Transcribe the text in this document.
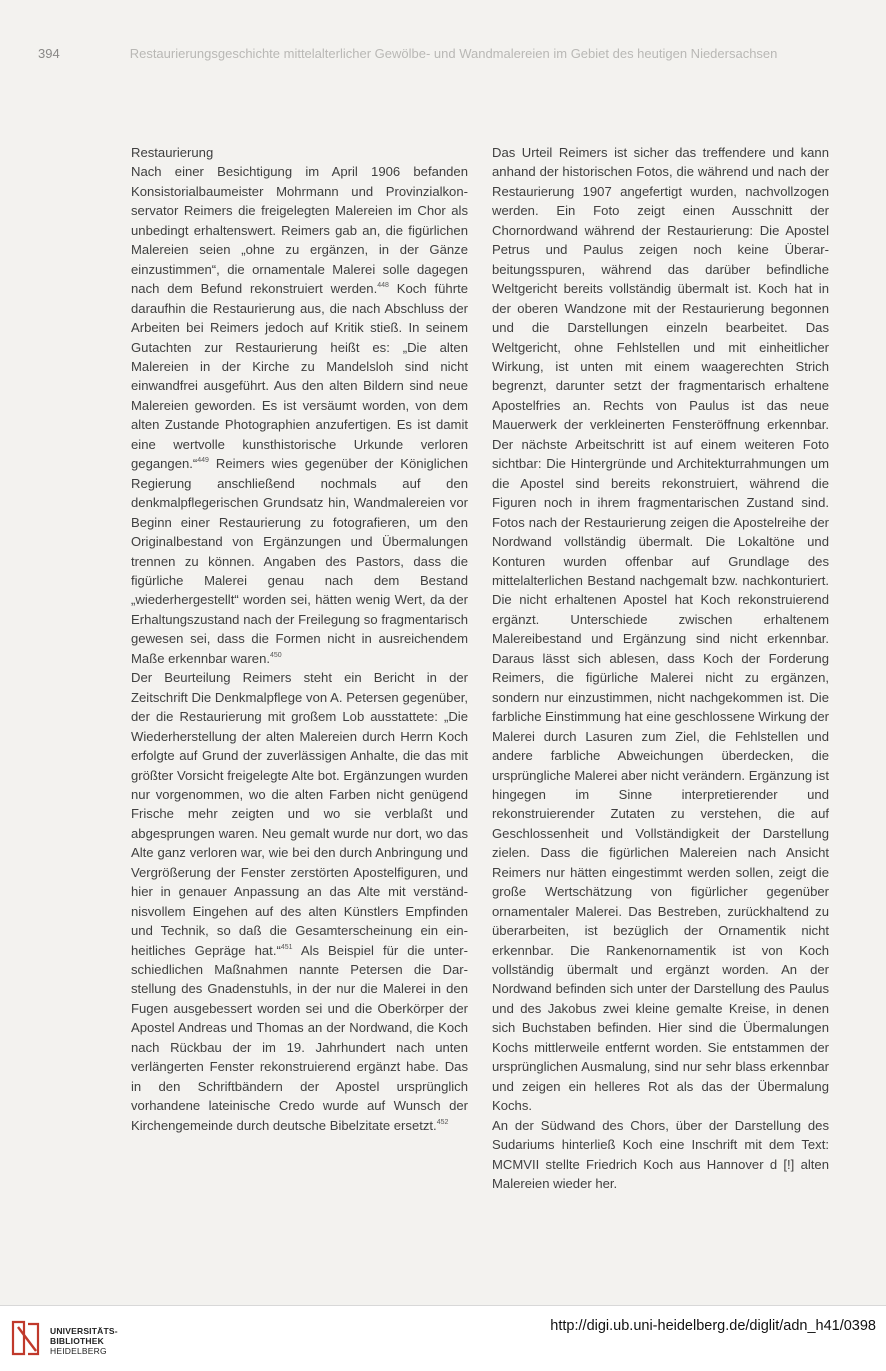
394	Restaurierungsgeschichte mittelalterlicher Gewölbe- und Wandmalereien im Gebiet des heutigen Niedersachsen

Restaurierung

Nach einer Besichtigung im April 1906 befanden Konsistorialbaumeister Mohrmann und Provinzialkonservator Reimers die freigelegten Malereien im Chor als unbedingt erhaltenswert. Reimers gab an, die figürlichen Malereien seien „ohne zu ergänzen, in der Gänze einzustimmen“, die ornamentale Malerei solle dagegen nach dem Befund rekonstruiert werden.$^{448}$ Koch führte daraufhin die Restaurierung aus, die nach Abschluss der Arbeiten bei Reimers jedoch auf Kritik stieß. In seinem Gutachten zur Restaurierung heißt es: „Die alten Malereien in der Kirche zu Mandelsloh sind nicht einwandfrei ausgeführt. Aus den alten Bildern sind neue Malereien geworden. Es ist versäumt worden, von dem alten Zustande Photographien anzufertigen. Es ist damit eine wertvolle kunsthistorische Urkunde verloren gegangen.“$^{449}$ Reimers wies gegenüber der Königlichen Regierung anschließend nochmals auf den denkmalpflegerischen Grundsatz hin, Wandmalereien vor Beginn einer Restaurierung zu fotografieren, um den Originalbestand von Ergänzungen und Übermalungen trennen zu können. Angaben des Pastors, dass die figürliche Malerei genau nach dem Bestand „wiederhergestellt“ worden sei, hätten wenig Wert, da der Erhaltungszustand nach der Freilegung so fragmentarisch gewesen sei, dass die Formen nicht in ausreichendem Maße erkennbar waren.$^{450}$

Der Beurteilung Reimers steht ein Bericht in der Zeitschrift Die Denkmalpflege von A. Petersen gegenüber, der die Restaurierung mit großem Lob ausstattete: „Die Wiederherstellung der alten Malereien durch Herrn Koch erfolgte auf Grund der zuverlässigen Anhalte, die das mit größter Vorsicht freigelegte Alte bot. Ergänzungen wurden nur vorgenommen, wo die alten Farben nicht genügend Frische mehr zeigten und wo sie verblaßt und abgesprungen waren. Neu gemalt wurde nur dort, wo das Alte ganz verloren war, wie bei den durch Anbringung und Vergrößerung der Fenster zerstörten Apostelfiguren, und hier in genauer Anpassung an das Alte mit verständnisvollem Eingehen auf des alten Künstlers Empfinden und Technik, so daß die Gesamterscheinung ein einheitliches Gepräge hat.“$^{451}$ Als Beispiel für die unterschiedlichen Maßnahmen nannte Petersen die Darstellung des Gnadenstuhls, in der nur die Malerei in den Fugen ausgebessert worden sei und die Oberkörper der Apostel Andreas und Thomas an der Nordwand, die Koch nach Rückbau der im 19. Jahrhundert nach unten verlängerten Fenster rekonstruierend ergänzt habe. Das in den Schriftbändern der Apostel ursprünglich vorhandene lateinische Credo wurde auf Wunsch der Kirchengemeinde durch deutsche Bibelzitate ersetzt.$^{452}$

Das Urteil Reimers ist sicher das treffendere und kann anhand der historischen Fotos, die während und nach der Restaurierung 1907 angefertigt wurden, nachvollzogen werden. Ein Foto zeigt einen Ausschnitt der Chornordwand während der Restaurierung: Die Apostel Petrus und Paulus zeigen noch keine Überarbeitungsspuren, während das darüber befindliche Weltgericht bereits vollständig übermalt ist. Koch hat in der oberen Wandzone mit der Restaurierung begonnen und die Darstellungen einzeln bearbeitet. Das Weltgericht, ohne Fehlstellen und mit einheitlicher Wirkung, ist unten mit einem waagerechten Strich begrenzt, darunter setzt der fragmentarisch erhaltene Apostelfries an. Rechts von Paulus ist das neue Mauerwerk der verkleinerten Fensteröffnung erkennbar. Der nächste Arbeitschritt ist auf einem weiteren Foto sichtbar: Die Hintergründe und Architekturrahmungen um die Apostel sind bereits rekonstruiert, während die Figuren noch in ihrem fragmentarischen Zustand sind. Fotos nach der Restaurierung zeigen die Apostelreihe der Nordwand vollständig übermalt. Die Lokaltöne und Konturen wurden offenbar auf Grundlage des mittelalterlichen Bestand nachgemalt bzw. nachkonturiert. Die nicht erhaltenen Apostel hat Koch rekonstruierend ergänzt. Unterschiede zwischen erhaltenem Malereibestand und Ergänzung sind nicht erkennbar. Daraus lässt sich ablesen, dass Koch der Forderung Reimers, die figürliche Malerei nicht zu ergänzen, sondern nur einzustimmen, nicht nachgekommen ist. Die farbliche Einstimmung hat eine geschlossene Wirkung der Malerei durch Lasuren zum Ziel, die Fehlstellen und andere farbliche Abweichungen überdecken, die ursprüngliche Malerei aber nicht verändern. Ergänzung ist hingegen im Sinne interpretierender und rekonstruierender Zutaten zu verstehen, die auf Geschlossenheit und Vollständigkeit der Darstellung zielen. Dass die figürlichen Malereien nach Ansicht Reimers nur hätten eingestimmt werden sollen, zeigt die große Wertschätzung von figürlicher gegenüber ornamentaler Malerei. Das Bestreben, zurückhaltend zu überarbeiten, ist bezüglich der Ornamentik nicht erkennbar. Die Rankenornamentik ist von Koch vollständig übermalt und ergänzt worden. An der Nordwand befinden sich unter der Darstellung des Paulus und des Jakobus zwei kleine gemalte Kreise, in denen sich Buchstaben befinden. Hier sind die Übermalungen Kochs mittlerweile entfernt worden. Sie entstammen der ursprünglichen Ausmalung, sind nur sehr blass erkennbar und zeigen ein helleres Rot als das der Übermalung Kochs.

An der Südwand des Chors, über der Darstellung des Sudariums hinterließ Koch eine Inschrift mit dem Text: MCMVII stellte Friedrich Koch aus Hannover d [!] alten Malereien wieder her.

UNIVERSITÄTS-
BIBLIOTHEK
HEIDELBERG
http://digi.ub.uni-heidelberg.de/diglit/adn_h41/0398
